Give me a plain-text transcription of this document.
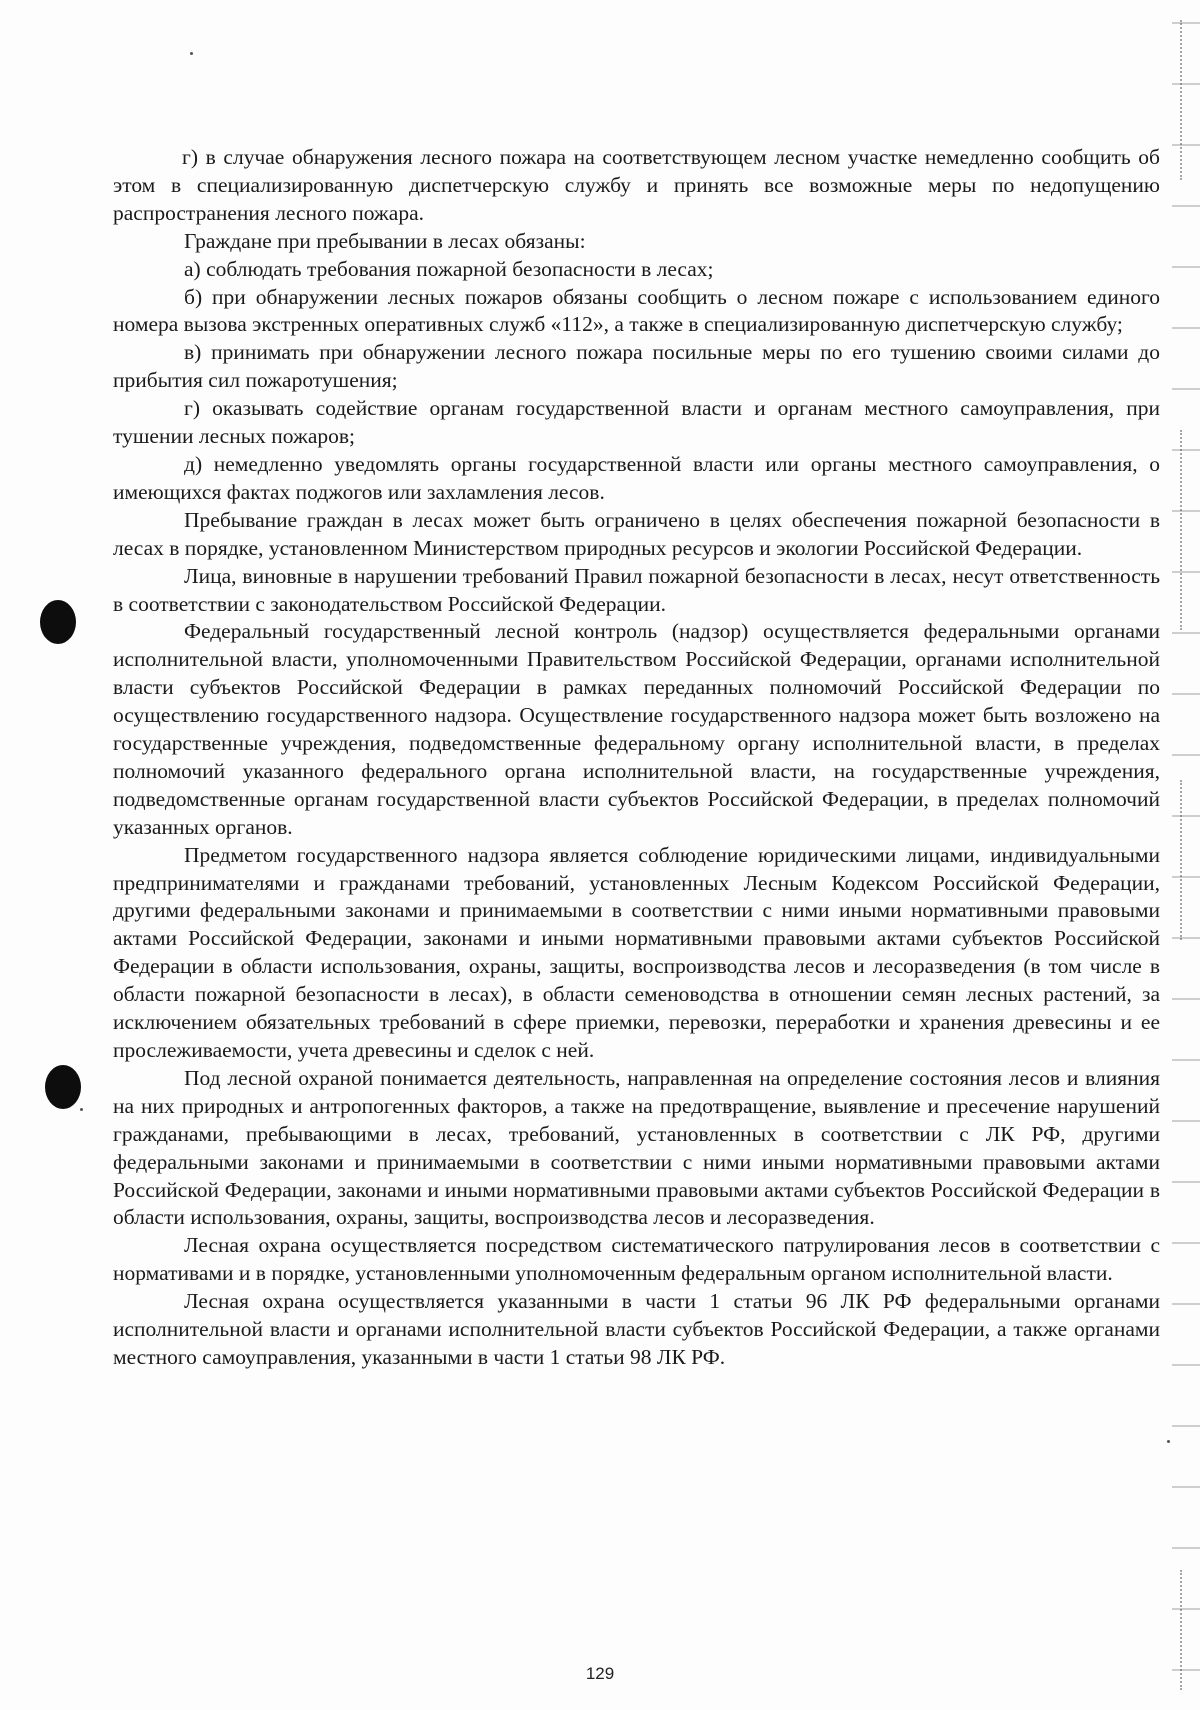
г) в случае обнаружения лесного пожара на соответствующем лесном участке немедленно сообщить об этом в специализированную диспетчерскую службу и принять все возможные меры по недопущению распространения лесного пожара.

Граждане при пребывании в лесах обязаны:

а) соблюдать требования пожарной безопасности в лесах;

б) при обнаружении лесных пожаров обязаны сообщить о лесном пожаре с использованием единого номера вызова экстренных оперативных служб «112», а также в специализированную диспетчерскую службу;

в) принимать при обнаружении лесного пожара посильные меры по его тушению своими силами до прибытия сил пожаротушения;

г) оказывать содействие органам государственной власти и органам местного самоуправления, при тушении лесных пожаров;

д) немедленно уведомлять органы государственной власти или органы местного самоуправления, о имеющихся фактах поджогов или захламления лесов.

Пребывание граждан в лесах может быть ограничено в целях обеспечения пожарной безопасности в лесах в порядке, установленном Министерством природных ресурсов и экологии Российской Федерации.

Лица, виновные в нарушении требований Правил пожарной безопасности в лесах, несут ответственность в соответствии с законодательством Российской Федерации.

Федеральный государственный лесной контроль (надзор) осуществляется федеральными органами исполнительной власти, уполномоченными Правительством Российской Федерации, органами исполнительной власти субъектов Российской Федерации в рамках переданных полномочий Российской Федерации по осуществлению государственного надзора. Осуществление государственного надзора может быть возложено на государственные учреждения, подведомственные федеральному органу исполнительной власти, в пределах полномочий указанного федерального органа исполнительной власти, на государственные учреждения, подведомственные органам государственной власти субъектов Российской Федерации, в пределах полномочий указанных органов.

Предметом государственного надзора является соблюдение юридическими лицами, индивидуальными предпринимателями и гражданами требований, установленных Лесным Кодексом Российской Федерации, другими федеральными законами и принимаемыми в соответствии с ними иными нормативными правовыми актами Российской Федерации, законами и иными нормативными правовыми актами субъектов Российской Федерации в области использования, охраны, защиты, воспроизводства лесов и лесоразведения (в том числе в области пожарной безопасности в лесах), в области семеноводства в отношении семян лесных растений, за исключением обязательных требований в сфере приемки, перевозки, переработки и хранения древесины и ее прослеживаемости, учета древесины и сделок с ней.

Под лесной охраной понимается деятельность, направленная на определение состояния лесов и влияния на них природных и антропогенных факторов, а также на предотвращение, выявление и пресечение нарушений гражданами, пребывающими в лесах, требований, установленных в соответствии с ЛК РФ, другими федеральными законами и принимаемыми в соответствии с ними иными нормативными правовыми актами Российской Федерации, законами и иными нормативными правовыми актами субъектов Российской Федерации в области использования, охраны, защиты, воспроизводства лесов и лесоразведения.

Лесная охрана осуществляется посредством систематического патрулирования лесов в соответствии с нормативами и в порядке, установленными уполномоченным федеральным органом исполнительной власти.

Лесная охрана осуществляется указанными в части 1 статьи 96 ЛК РФ федеральными органами исполнительной власти и органами исполнительной власти субъектов Российской Федерации, а также органами местного самоуправления, указанными в части 1 статьи 98 ЛК РФ.

129
